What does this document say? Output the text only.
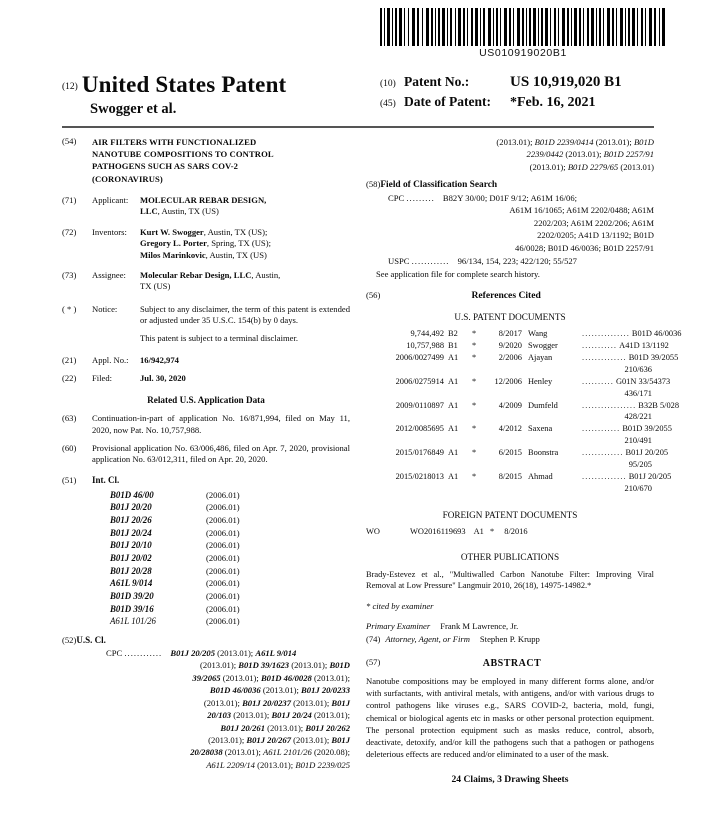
US010919020B1
(12) United States Patent
Swogger et al.
(10) Patent No.:	US 10,919,020 B1
(45) Date of Patent:	*Feb. 16, 2021
(54)	AIR FILTERS WITH FUNCTIONALIZED
NANOTUBE COMPOSITIONS TO CONTROL
PATHOGENS SUCH AS SARS COV-2
(CORONAVIRUS)
(71)	Applicant:	MOLECULAR REBAR DESIGN,
LLC, Austin, TX (US)
(72)	Inventors:	Kurt W. Swogger, Austin, TX (US);
Gregory L. Porter, Spring, TX (US);
Milos Marinkovic, Austin, TX (US)
(73)	Assignee:	Molecular Rebar Design, LLC, Austin,
TX (US)
( * )	Notice:	Subject to any disclaimer, the term of this patent is extended or adjusted under 35 U.S.C. 154(b) by 0 days.
This patent is subject to a terminal disclaimer.
(21)	Appl. No.:	16/942,974
(22)	Filed:	Jul. 30, 2020
Related U.S. Application Data
(63)	Continuation-in-part of application No. 16/871,994, filed on May 11, 2020, now Pat. No. 10,757,988.
(60)	Provisional application No. 63/006,486, filed on Apr. 7, 2020, provisional application No. 63/012,311, filed on Apr. 20, 2020.
(51)	Int. Cl.
B01D 46/00	(2006.01)
B01J 20/20	(2006.01)
B01J 20/26	(2006.01)
B01J 20/24	(2006.01)
B01J 20/10	(2006.01)
B01J 20/02	(2006.01)
B01J 20/28	(2006.01)
A61L 9/014	(2006.01)
B01D 39/20	(2006.01)
B01D 39/16	(2006.01)
A61L 101/26	(2006.01)
(52) U.S. Cl.
CPC ............ B01J 20/205 (2013.01); A61L 9/014
(2013.01); B01D 39/1623 (2013.01); B01D
39/2065 (2013.01); B01D 46/0028 (2013.01);
B01D 46/0036 (2013.01); B01J 20/0233
(2013.01); B01J 20/0237 (2013.01); B01J
20/103 (2013.01); B01J 20/24 (2013.01);
B01J 20/261 (2013.01); B01J 20/262
(2013.01); B01J 20/267 (2013.01); B01J
20/28038 (2013.01); A61L 2101/26 (2020.08);
A61L 2209/14 (2013.01); B01D 2239/025
(2013.01); B01D 2239/0414 (2013.01); B01D
2239/0442 (2013.01); B01D 2257/91
(2013.01); B01D 2279/65 (2013.01)
(58) Field of Classification Search
CPC ......... B82Y 30/00; D01F 9/12; A61M 16/06;
A61M 16/1065; A61M 2202/0488; A61M
2202/203; A61M 2202/206; A61M
2202/0205; A41D 13/1192; B01D
46/0028; B01D 46/0036; B01D 2257/91
USPC ............ 96/134, 154, 223; 422/120; 55/527
See application file for complete search history.
(56)	References Cited
U.S. PATENT DOCUMENTS
9,744,492 B2	*	8/2017 Wang	............... B01D 46/0036
10,757,988 B1	*	9/2020 Swogger	........... A41D 13/1192
2006/0027499 A1	*	2/2006 Ajayan	.............. B01D 39/2055
210/636
2006/0275914 A1	*	12/2006 Henley	.......... G01N 33/54373
436/171
2009/0110897 A1	*	4/2009 Dumfeld	................. B32B 5/028
428/221
2012/0085695 A1	*	4/2012 Saxena	............ B01D 39/2055
210/491
2015/0176849 A1	*	6/2015 Boonstra	............. B01J 20/205
95/205
2015/0218013 A1	*	8/2015 Ahmad	.............. B01J 20/205
210/670
FOREIGN PATENT DOCUMENTS
WO	WO2016119693 A1 * 8/2016
OTHER PUBLICATIONS
Brady-Estevez et al., "Multiwalled Carbon Nanotube Filter: Improving Viral Removal at Low Pressure" Langmuir 2010, 26(18), 14975-14982.*
* cited by examiner
Primary Examiner Frank M Lawrence, Jr.
(74) Attorney, Agent, or Firm Stephen P. Krupp
(57)	ABSTRACT
Nanotube compositions may be employed in many different forms alone, and/or with surfactants, with antiviral metals, with antigens, and/or with various drugs to control pathogens like viruses e.g., SARS COVID-2, bacteria, mold, fungi, chemical or biological agents etc in masks or other personal protection equipment. The personal protection equipment such as masks reduce, control, absorb, deactivate, detoxify, and/or kill the pathogens such that a pathogen or pathogens deleterious effects are reduced and/or eliminated to a user of the mask.
24 Claims, 3 Drawing Sheets
